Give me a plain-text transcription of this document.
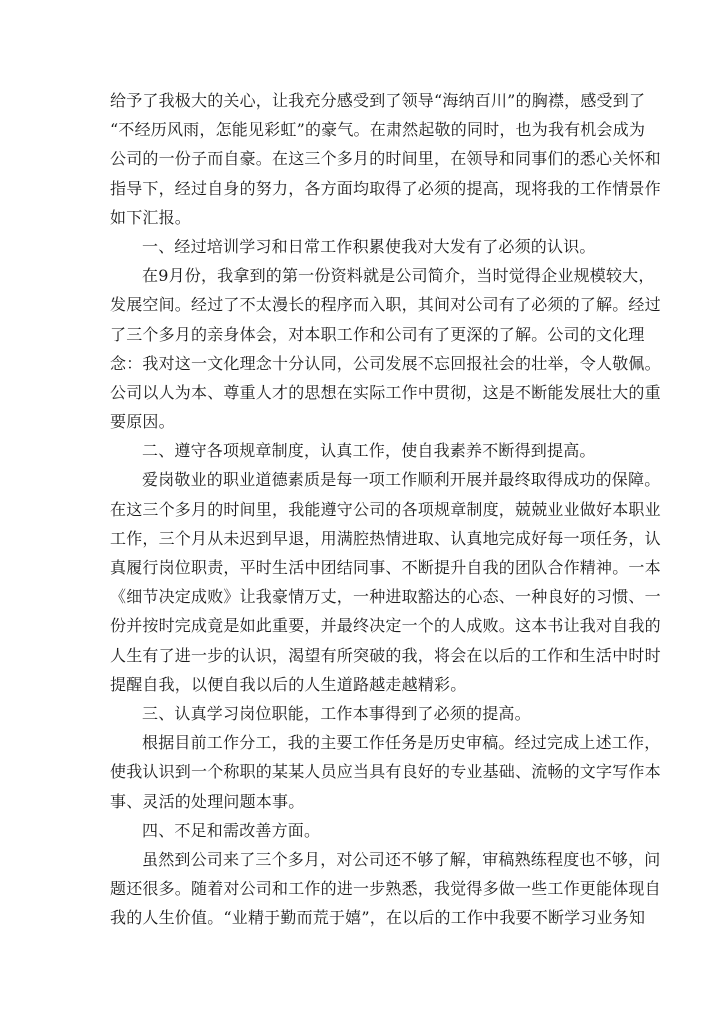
给予了我极大的关心，让我充分感受到了领导“海纳百川”的胸襟，感受到了
“不经历风雨，怎能见彩虹”的豪气。在肃然起敬的同时，也为我有机会成为
公司的一份子而自豪。在这三个多月的时间里，在领导和同事们的悉心关怀和
指导下，经过自身的努力，各方面均取得了必须的提高，现将我的工作情景作
如下汇报。
一、经过培训学习和日常工作积累使我对大发有了必须的认识。
在9月份，我拿到的第一份资料就是公司简介，当时觉得企业规模较大，
发展空间。经过了不太漫长的程序而入职，其间对公司有了必须的了解。经过
了三个多月的亲身体会，对本职工作和公司有了更深的了解。公司的文化理
念：我对这一文化理念十分认同，公司发展不忘回报社会的壮举，令人敬佩。
公司以人为本、尊重人才的思想在实际工作中贯彻，这是不断能发展壮大的重
要原因。
二、遵守各项规章制度，认真工作，使自我素养不断得到提高。
爱岗敬业的职业道德素质是每一项工作顺利开展并最终取得成功的保障。
在这三个多月的时间里，我能遵守公司的各项规章制度，兢兢业业做好本职业
工作，三个月从未迟到早退，用满腔热情进取、认真地完成好每一项任务，认
真履行岗位职责，平时生活中团结同事、不断提升自我的团队合作精神。一本
《细节决定成败》让我豪情万丈，一种进取豁达的心态、一种良好的习惯、一
份并按时完成竟是如此重要，并最终决定一个的人成败。这本书让我对自我的
人生有了进一步的认识，渴望有所突破的我，将会在以后的工作和生活中时时
提醒自我，以便自我以后的人生道路越走越精彩。
三、认真学习岗位职能，工作本事得到了必须的提高。
根据目前工作分工，我的主要工作任务是历史审稿。经过完成上述工作，
使我认识到一个称职的某某人员应当具有良好的专业基础、流畅的文字写作本
事、灵活的处理问题本事。
四、不足和需改善方面。
虽然到公司来了三个多月，对公司还不够了解，审稿熟练程度也不够，问
题还很多。随着对公司和工作的进一步熟悉，我觉得多做一些工作更能体现自
我的人生价值。“业精于勤而荒于嬉”，在以后的工作中我要不断学习业务知
